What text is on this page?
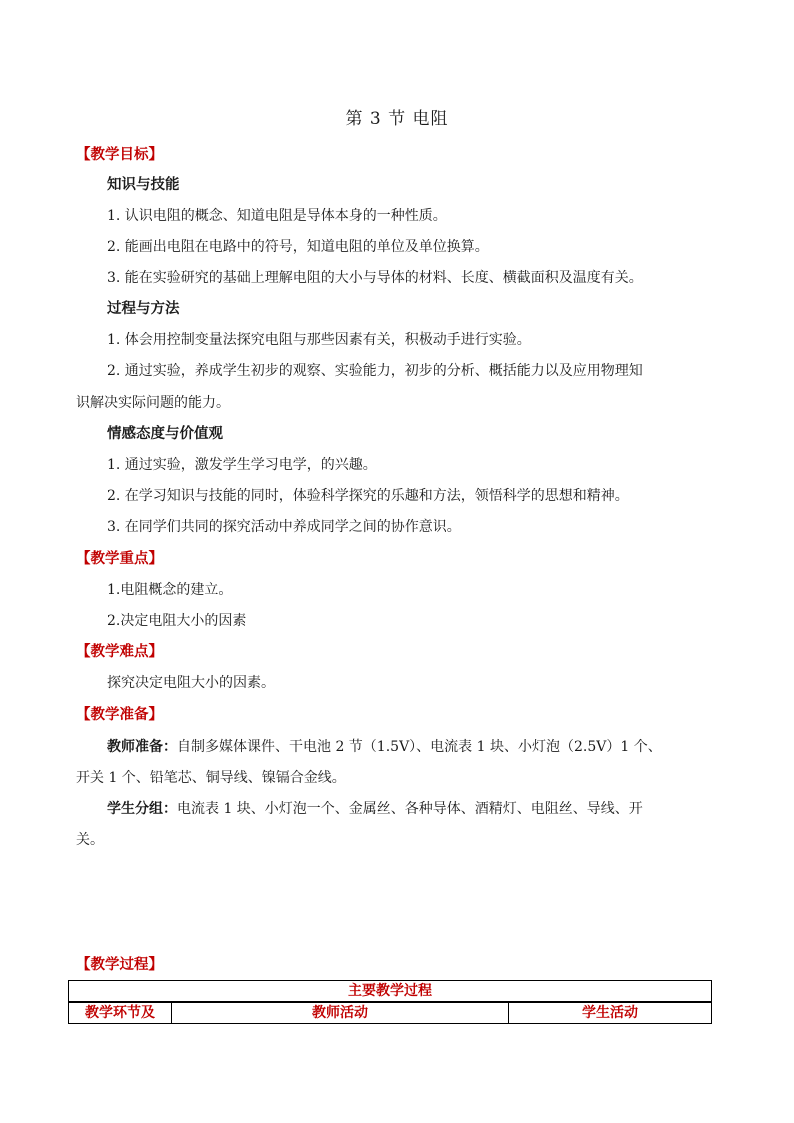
第 3 节 电阻
【教学目标】
知识与技能
1. 认识电阻的概念、知道电阻是导体本身的一种性质。
2. 能画出电阻在电路中的符号，知道电阻的单位及单位换算。
3. 能在实验研究的基础上理解电阻的大小与导体的材料、长度、横截面积及温度有关。
过程与方法
1. 体会用控制变量法探究电阻与那些因素有关，积极动手进行实验。
2. 通过实验，养成学生初步的观察、实验能力，初步的分析、概括能力以及应用物理知
识解决实际问题的能力。
情感态度与价值观
1. 通过实验，激发学生学习电学，的兴趣。
2. 在学习知识与技能的同时，体验科学探究的乐趣和方法，领悟科学的思想和精神。
3. 在同学们共同的探究活动中养成同学之间的协作意识。
【教学重点】
1.电阻概念的建立。
2.决定电阻大小的因素
【教学难点】
探究决定电阻大小的因素。
【教学准备】
教师准备：自制多媒体课件、干电池 2 节（1.5V）、电流表 1 块、小灯泡（2.5V）1 个、
开关 1 个、铅笔芯、铜导线、镍镉合金线。
学生分组：电流表 1 块、小灯泡一个、金属丝、各种导体、酒精灯、电阻丝、导线、开
关。
【教学过程】
主要教学过程
教学环节及	教师活动	学生活动
